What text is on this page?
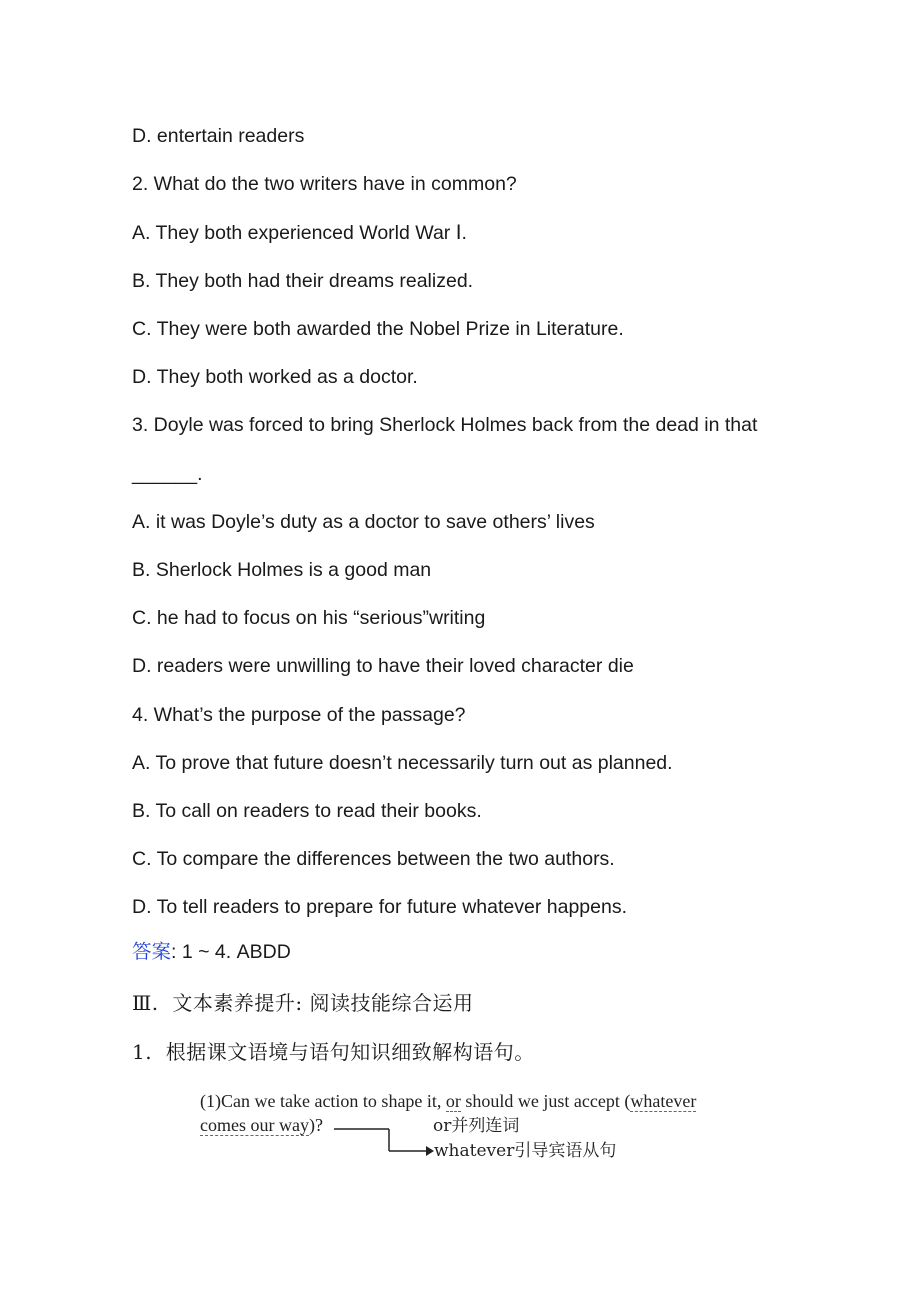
D. entertain readers
2. What do the two writers have in common?
A. They both experienced World War Ⅰ.
B. They both had their dreams realized.
C. They were both awarded the Nobel Prize in Literature.
D. They both worked as a doctor.
3. Doyle was forced to bring Sherlock Holmes back from the dead in that
______.
A. it was Doyle’s duty as a doctor to save others’ lives
B. Sherlock Holmes is a good man
C. he had to focus on his “serious”writing
D. readers were unwilling to have their loved character die
4. What’s the purpose of the passage?
A. To prove that future doesn’t necessarily turn out as planned.
B. To call on readers to read their books.
C. To compare the differences between the two authors.
D. To tell readers to prepare for future whatever happens.
答案: 1 ~ 4. ABDD
Ⅲ.  文本素养提升: 阅读技能综合运用
1.  根据课文语境与语句知识细致解构语句。
(1)Can we take action to shape it, or should we just accept (whatever
comes our way)?	or并列连词
whatever引导宾语从句
